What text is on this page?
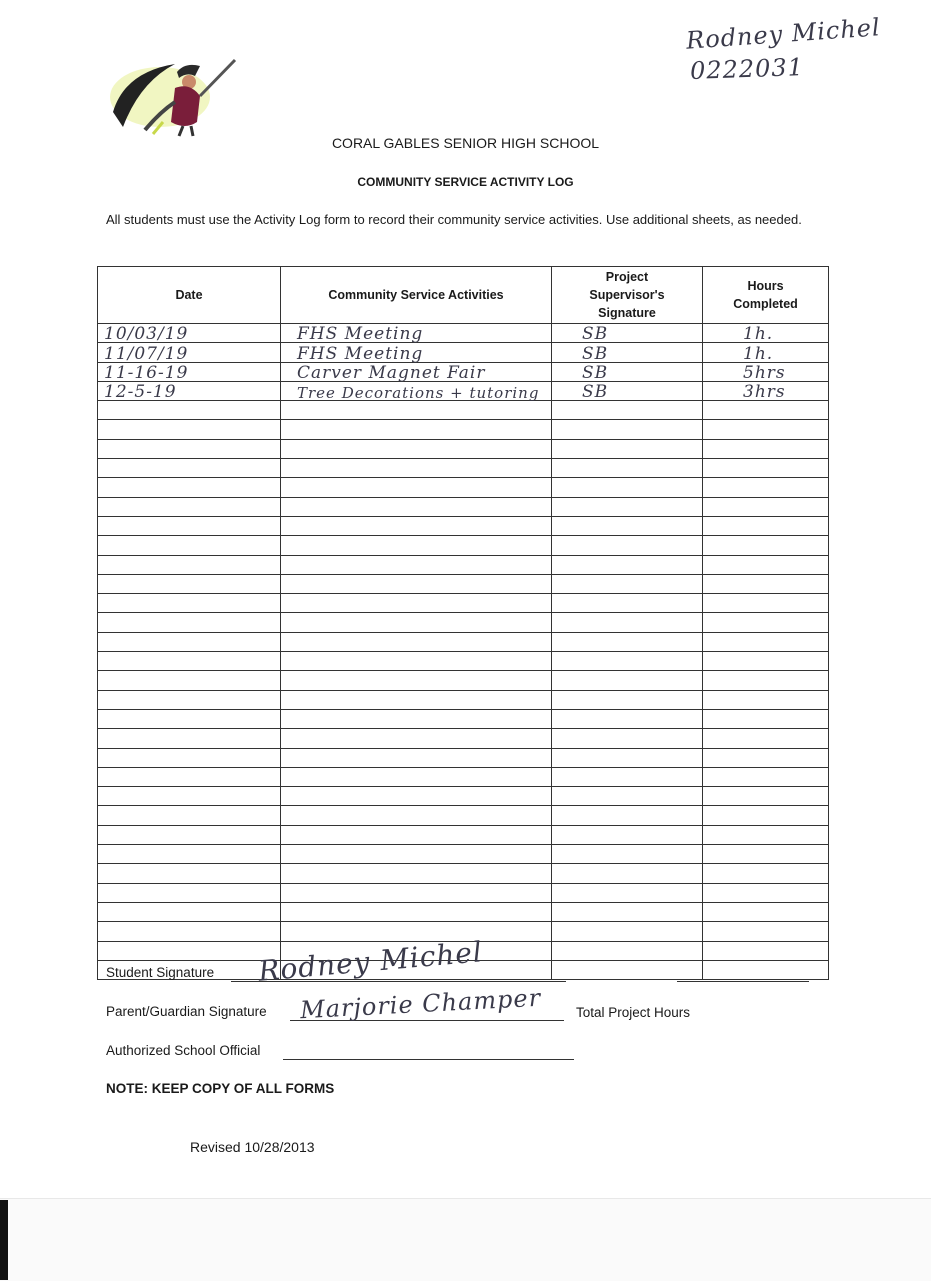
Rodney Michel
0222031
CORAL GABLES SENIOR HIGH SCHOOL
COMMUNITY SERVICE ACTIVITY LOG
All students must use the Activity Log form to record their community service activities. Use additional sheets, as needed.
Date	Community Service Activities	Project Supervisor's Signature	Hours Completed

10/03/19	FHS Meeting	SB	1h.

11/07/19	FHS Meeting	SB	1h.

11-16-19	Carver Magnet Fair	SB	5hrs

12-5-19	Tree Decorations + tutoring	SB	3hrs

Student Signature Rodney Michel
Parent/Guardian Signature Marjorie Champer	Total Project Hours
Authorized School Official
NOTE: KEEP COPY OF ALL FORMS
Revised 10/28/2013
